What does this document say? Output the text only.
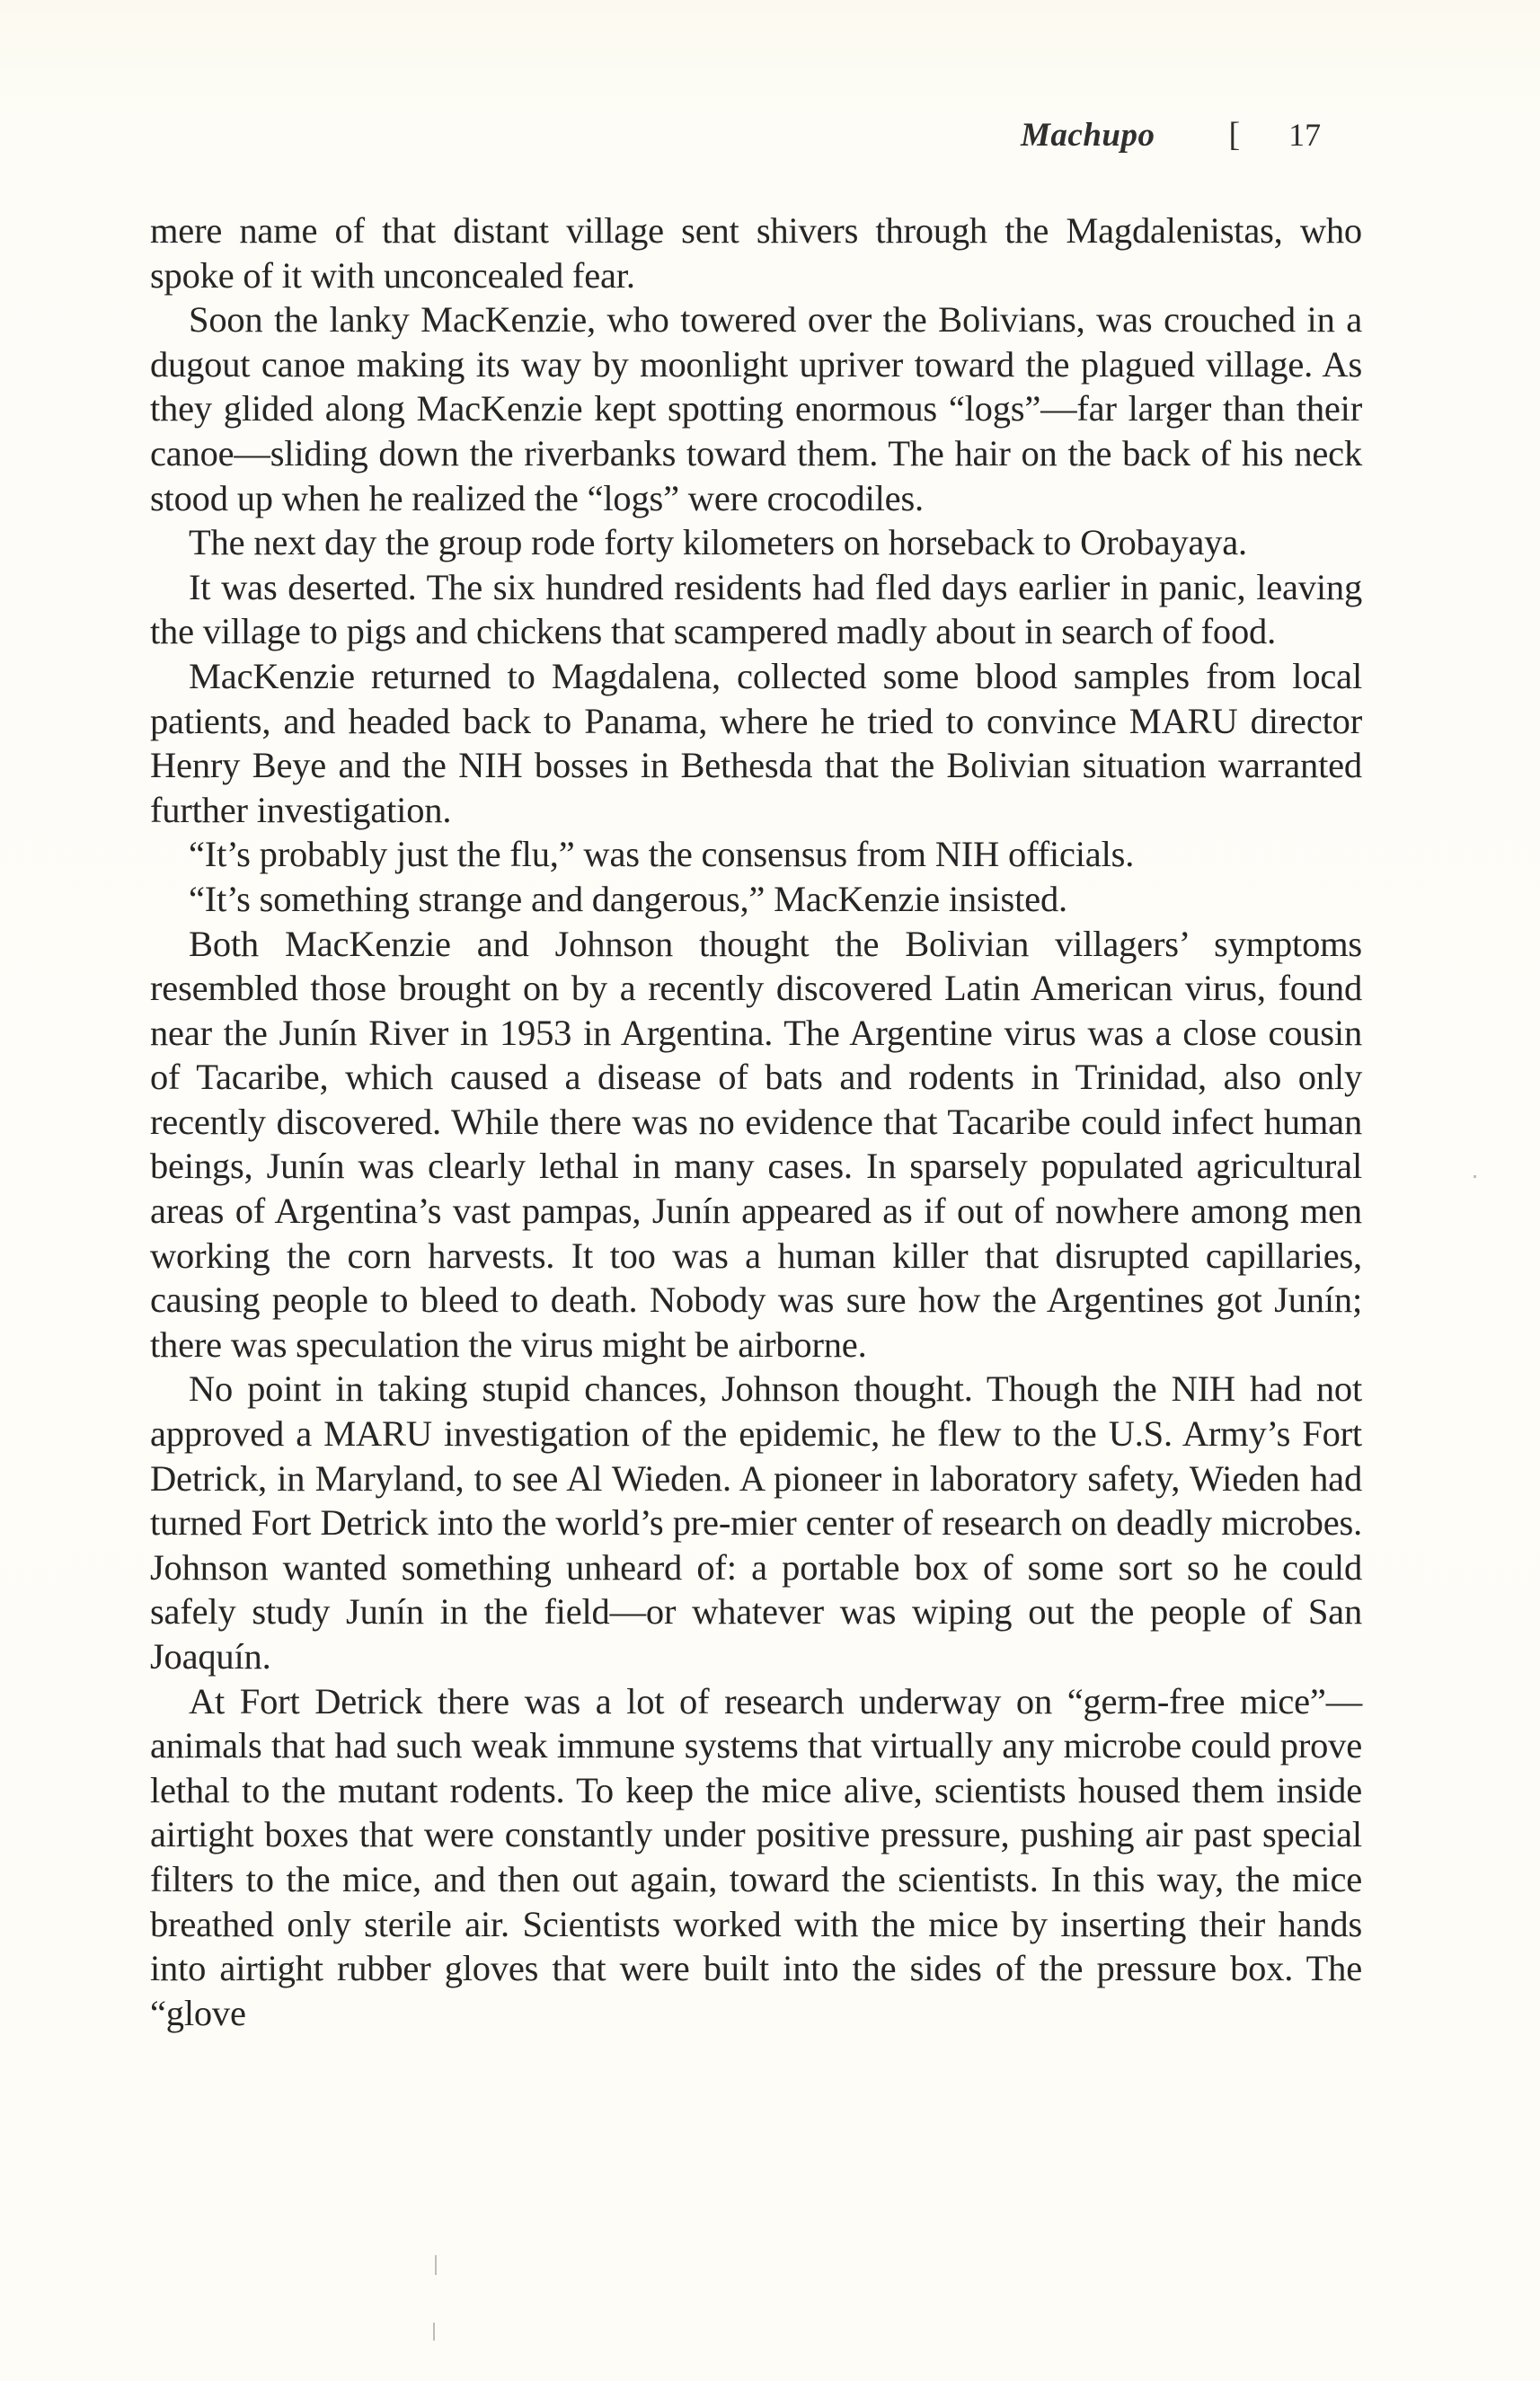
Machupo [ 17

mere name of that distant village sent shivers through the Magdalenistas, who spoke of it with unconcealed fear.

Soon the lanky MacKenzie, who towered over the Bolivians, was crouched in a dugout canoe making its way by moonlight upriver toward the plagued village. As they glided along MacKenzie kept spotting enormous “logs”—far larger than their canoe—sliding down the riverbanks toward them. The hair on the back of his neck stood up when he realized the “logs” were crocodiles.

The next day the group rode forty kilometers on horseback to Orobayaya.

It was deserted. The six hundred residents had fled days earlier in panic, leaving the village to pigs and chickens that scampered madly about in search of food.

MacKenzie returned to Magdalena, collected some blood samples from local patients, and headed back to Panama, where he tried to convince MARU director Henry Beye and the NIH bosses in Bethesda that the Bolivian situation warranted further investigation.

“It’s probably just the flu,” was the consensus from NIH officials.

“It’s something strange and dangerous,” MacKenzie insisted.

Both MacKenzie and Johnson thought the Bolivian villagers’ symptoms resembled those brought on by a recently discovered Latin American virus, found near the Junín River in 1953 in Argentina. The Argentine virus was a close cousin of Tacaribe, which caused a disease of bats and rodents in Trinidad, also only recently discovered. While there was no evidence that Tacaribe could infect human beings, Junín was clearly lethal in many cases. In sparsely populated agricultural areas of Argentina’s vast pampas, Junín appeared as if out of nowhere among men working the corn harvests. It too was a human killer that disrupted capillaries, causing people to bleed to death. Nobody was sure how the Argentines got Junín; there was speculation the virus might be airborne.

No point in taking stupid chances, Johnson thought. Though the NIH had not approved a MARU investigation of the epidemic, he flew to the U.S. Army’s Fort Detrick, in Maryland, to see Al Wieden. A pioneer in laboratory safety, Wieden had turned Fort Detrick into the world’s pre-mier center of research on deadly microbes. Johnson wanted something unheard of: a portable box of some sort so he could safely study Junín in the field—or whatever was wiping out the people of San Joaquín.

At Fort Detrick there was a lot of research underway on “germ-free mice”—animals that had such weak immune systems that virtually any microbe could prove lethal to the mutant rodents. To keep the mice alive, scientists housed them inside airtight boxes that were constantly under positive pressure, pushing air past special filters to the mice, and then out again, toward the scientists. In this way, the mice breathed only sterile air. Scientists worked with the mice by inserting their hands into airtight rubber gloves that were built into the sides of the pressure box. The “glove
